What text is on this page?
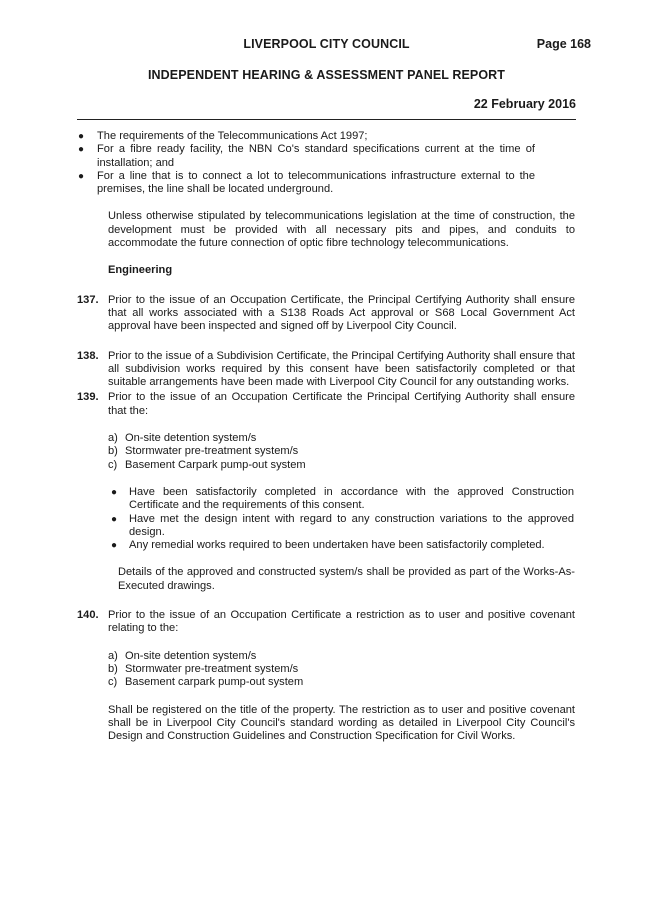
LIVERPOOL CITY COUNCIL	Page 168
INDEPENDENT HEARING & ASSESSMENT PANEL REPORT
22 February 2016
● The requirements of the Telecommunications Act 1997;
● For a fibre ready facility, the NBN Co's standard specifications current at the time of installation; and
● For a line that is to connect a lot to telecommunications infrastructure external to the premises, the line shall be located underground.
Unless otherwise stipulated by telecommunications legislation at the time of construction, the development must be provided with all necessary pits and pipes, and conduits to accommodate the future connection of optic fibre technology telecommunications.
Engineering
137. Prior to the issue of an Occupation Certificate, the Principal Certifying Authority shall ensure that all works associated with a S138 Roads Act approval or S68 Local Government Act approval have been inspected and signed off by Liverpool City Council.
138. Prior to the issue of a Subdivision Certificate, the Principal Certifying Authority shall ensure that all subdivision works required by this consent have been satisfactorily completed or that suitable arrangements have been made with Liverpool City Council for any outstanding works.
139. Prior to the issue of an Occupation Certificate the Principal Certifying Authority shall ensure that the:
a) On-site detention system/s
b) Stormwater pre-treatment system/s
c) Basement Carpark pump-out system
● Have been satisfactorily completed in accordance with the approved Construction Certificate and the requirements of this consent.
● Have met the design intent with regard to any construction variations to the approved design.
● Any remedial works required to been undertaken have been satisfactorily completed.
Details of the approved and constructed system/s shall be provided as part of the Works-As-Executed drawings.
140. Prior to the issue of an Occupation Certificate a restriction as to user and positive covenant relating to the:
a) On-site detention system/s
b) Stormwater pre-treatment system/s
c) Basement carpark pump-out system
Shall be registered on the title of the property. The restriction as to user and positive covenant shall be in Liverpool City Council's standard wording as detailed in Liverpool City Council's Design and Construction Guidelines and Construction Specification for Civil Works.
